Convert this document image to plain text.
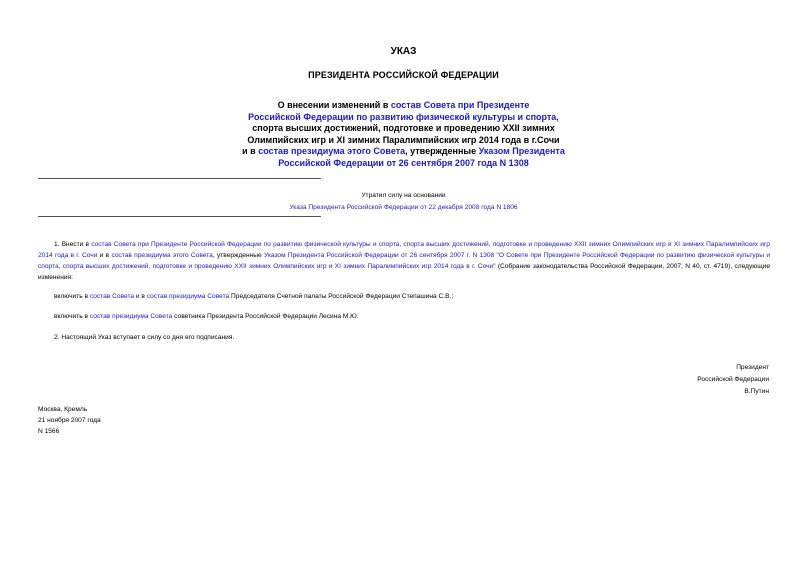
УКАЗ
ПРЕЗИДЕНТА РОССИЙСКОЙ ФЕДЕРАЦИИ
О внесении изменений в состав Совета при Президенте
Российской Федерации по развитию физической культуры и спорта,
спорта высших достижений, подготовке и проведению XXII зимних
Олимпийских игр и XI зимних Паралимпийских игр 2014 года в г.Сочи
и в состав президиума этого Совета, утвержденные Указом Президента
Российской Федерации от 26 сентября 2007 года N 1308
Утратил силу на основании
Указа Президента Российской Федерации от 22 декабря 2008 года N 1806
1. Внести в состав Совета при Президенте Российской Федерации по развитию физической культуры и спорта, спорта высших достижений, подготовке и проведению XXII зимних Олимпийских игр и XI зимних Паралимпийских игр 2014 года в г. Сочи и в состав президиума этого Совета, утвержденные Указом Президента Российской Федерации от 26 сентября 2007 г. N 1308 "О Совете при Президенте Российской Федерации по развитию физической культуры и спорта, спорта высших достижений, подготовке и проведению XXII зимних Олимпийских игр и XI зимних Паралимпийских игр 2014 года в г. Сочи" (Собрание законодательства Российской Федерации, 2007, N 40, ст. 4719), следующие изменения:
включить в состав Совета и в состав президиума Совета Председателя Счетной палаты Российской Федерации Степашина С.В.;
включить в состав президиума Совета советника Президента Российской Федерации Лесина М.Ю.
2. Настоящий Указ вступает в силу со дня его подписания.
Президент
Российской Федерации
В.Путин
Москва, Кремль
21 ноября 2007 года
N 1566
